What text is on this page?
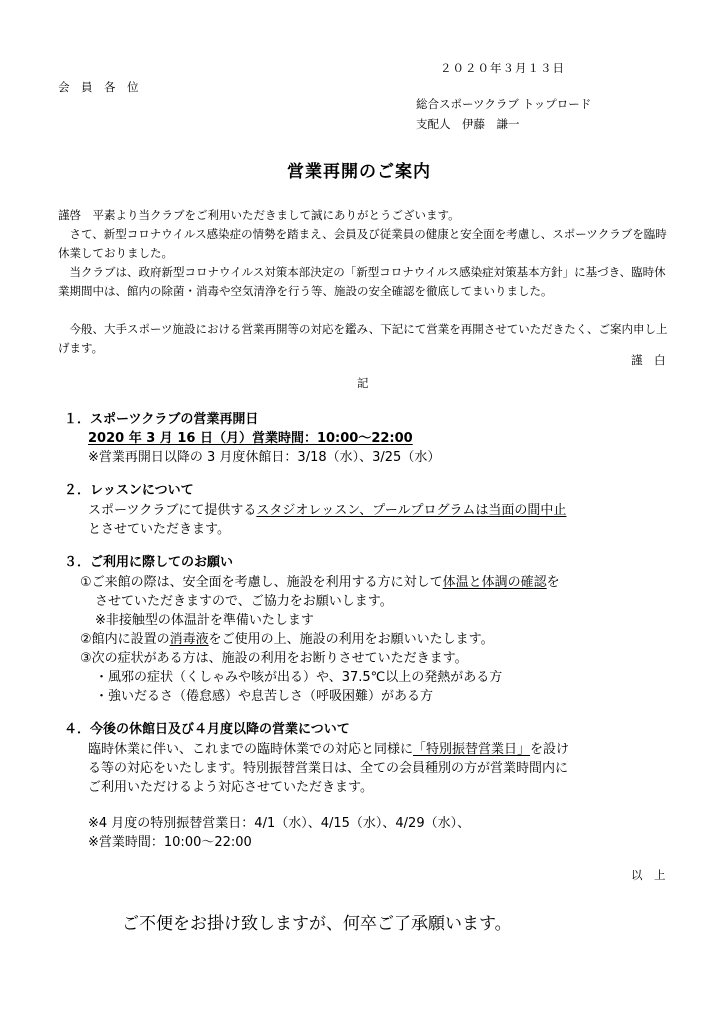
２０２０年３月１３日
会　員　各　位
総合スポーツクラブ トップロード
支配人　伊藤　謙一
営業再開のご案内

謹啓　平素より当クラブをご利用いただきまして誠にありがとうございます。

　さて、新型コロナウイルス感染症の情勢を踏まえ、会員及び従業員の健康と安全面を考慮し、スポーツクラブを臨時休業しておりました。

　当クラブは、政府新型コロナウイルス対策本部決定の「新型コロナウイルス感染症対策基本方針」に基づき、臨時休業期間中は、館内の除菌・消毒や空気清浄を行う等、施設の安全確認を徹底してまいりました。

　今般、大手スポーツ施設における営業再開等の対応を鑑み、下記にて営業を再開させていただきたく、ご案内申し上げます。

謹　白
記
１．スポーツクラブの営業再開日
2020 年 3 月 16 日（月）営業時間：10:00～22:00
※営業再開日以降の 3 月度休館日：3/18（水）、3/25（水）
２．レッスンについて
スポーツクラブにて提供するスタジオレッスン、プールプログラムは当面の間中止
とさせていただきます。
３．ご利用に際してのお願い
①ご来館の際は、安全面を考慮し、施設を利用する方に対して体温と体調の確認を
させていただきますので、ご協力をお願いします。
※非接触型の体温計を準備いたします
②館内に設置の消毒液をご使用の上、施設の利用をお願いいたします。
③次の症状がある方は、施設の利用をお断りさせていただきます。
・風邪の症状（くしゃみや咳が出る）や、37.5℃以上の発熱がある方
・強いだるさ（倦怠感）や息苦しさ（呼吸困難）がある方
４．今後の休館日及び４月度以降の営業について
臨時休業に伴い、これまでの臨時休業での対応と同様に「特別振替営業日」を設け
る等の対応をいたします。特別振替営業日は、全ての会員種別の方が営業時間内に
ご利用いただけるよう対応させていただきます。
※4 月度の特別振替営業日：4/1（水）、4/15（水）、4/29（水）、
※営業時間：10:00～22:00
以　上
ご不便をお掛け致しますが、何卒ご了承願います。
